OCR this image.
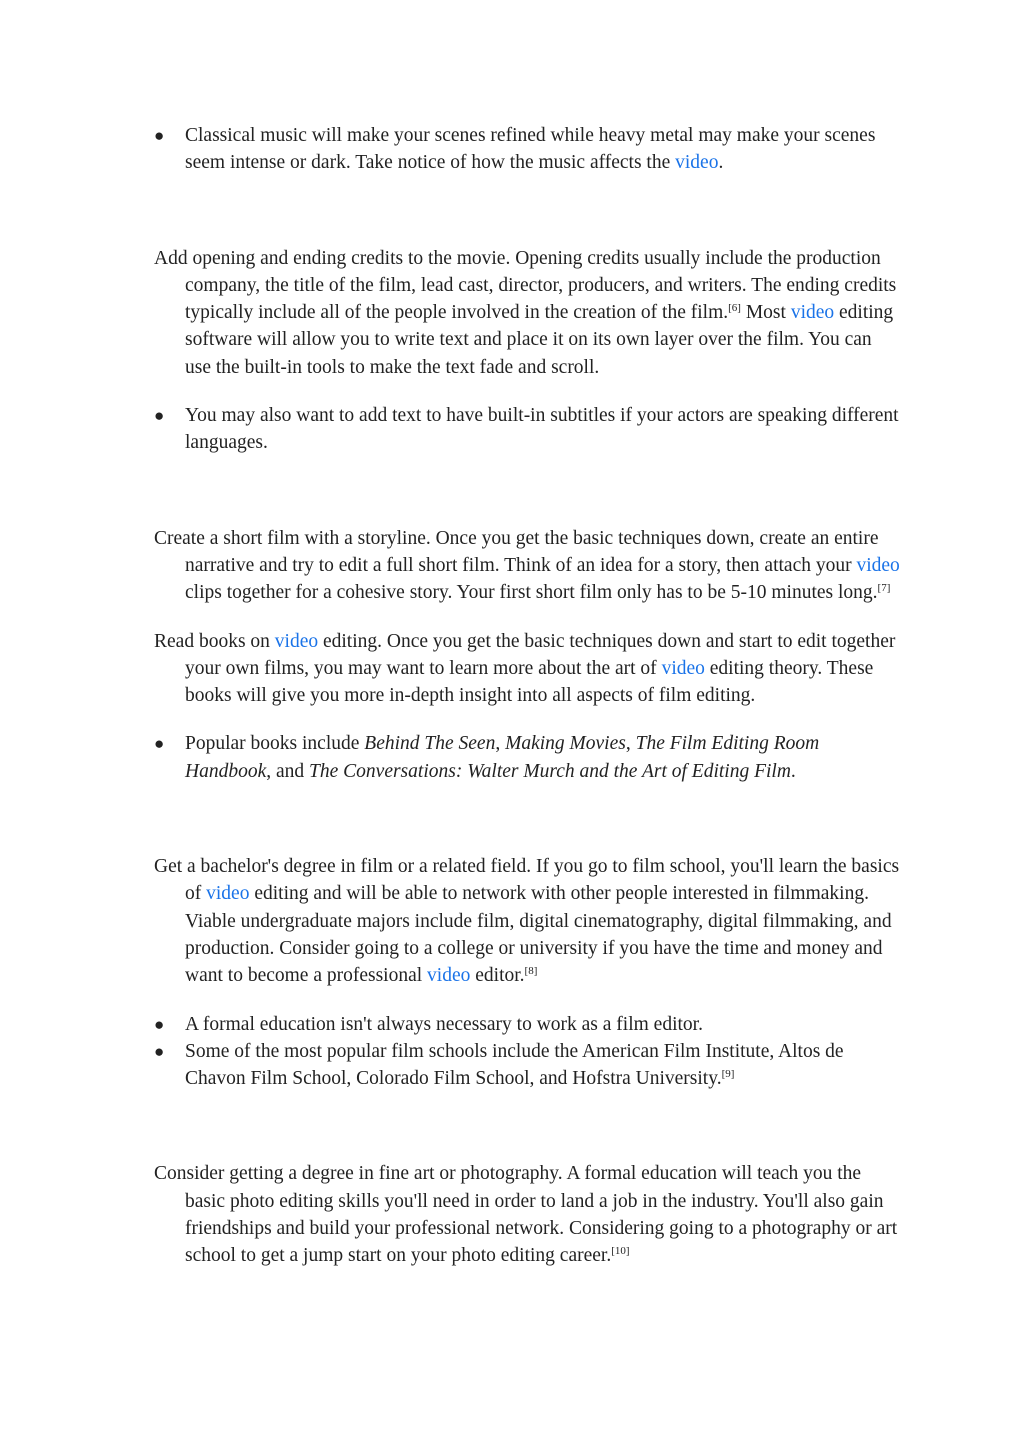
● Classical music will make your scenes refined while heavy metal may make your scenes seem intense or dark. Take notice of how the music affects the video.

Add opening and ending credits to the movie. Opening credits usually include the production company, the title of the film, lead cast, director, producers, and writers. The ending credits typically include all of the people involved in the creation of the film.[6] Most video editing software will allow you to write text and place it on its own layer over the film. You can use the built-in tools to make the text fade and scroll.

● You may also want to add text to have built-in subtitles if your actors are speaking different languages.

Create a short film with a storyline. Once you get the basic techniques down, create an entire narrative and try to edit a full short film. Think of an idea for a story, then attach your video clips together for a cohesive story. Your first short film only has to be 5-10 minutes long.[7]

Read books on video editing. Once you get the basic techniques down and start to edit together your own films, you may want to learn more about the art of video editing theory. These books will give you more in-depth insight into all aspects of film editing.

● Popular books include Behind The Seen, Making Movies, The Film Editing Room Handbook, and The Conversations: Walter Murch and the Art of Editing Film.

Get a bachelor's degree in film or a related field. If you go to film school, you'll learn the basics of video editing and will be able to network with other people interested in filmmaking. Viable undergraduate majors include film, digital cinematography, digital filmmaking, and production. Consider going to a college or university if you have the time and money and want to become a professional video editor.[8]

● A formal education isn't always necessary to work as a film editor.
● Some of the most popular film schools include the American Film Institute, Altos de Chavon Film School, Colorado Film School, and Hofstra University.[9]

Consider getting a degree in fine art or photography. A formal education will teach you the basic photo editing skills you'll need in order to land a job in the industry. You'll also gain friendships and build your professional network. Considering going to a photography or art school to get a jump start on your photo editing career.[10]
